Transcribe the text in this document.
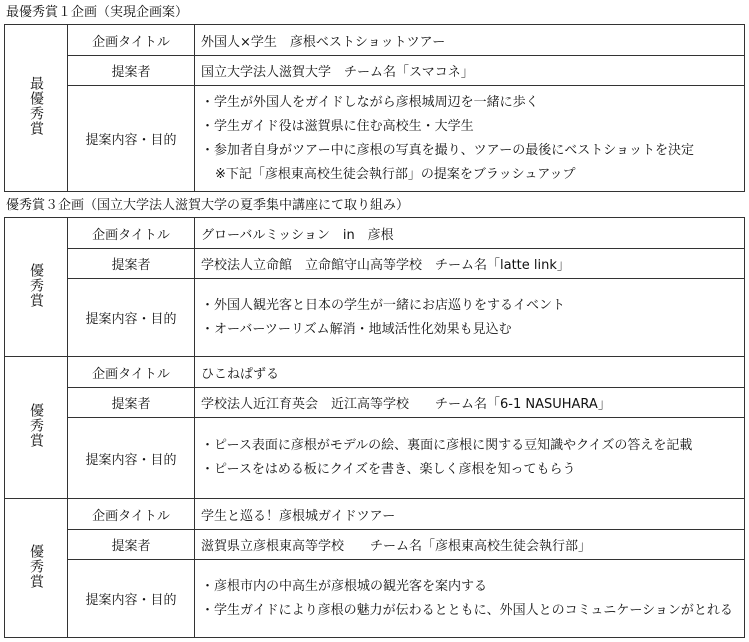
最優秀賞１企画（実現企画案）
最優秀賞	企画タイトル	外国人×学生　彦根ベストショットツアー
	提案者	国立大学法人滋賀大学　チーム名「スマコネ」
	提案内容・目的	・学生が外国人をガイドしながら彦根城周辺を一緒に歩く
・学生ガイド役は滋賀県に住む高校生・大学生
・参加者自身がツアー中に彦根の写真を撮り、ツアーの最後にベストショットを決定
※下記「彦根東高校生徒会執行部」の提案をブラッシュアップ
優秀賞３企画（国立大学法人滋賀大学の夏季集中講座にて取り組み）
優秀賞	企画タイトル	グローバルミッション　in　彦根
	提案者	学校法人立命館　立命館守山高等学校　チーム名「latte link」
	提案内容・目的	・外国人観光客と日本の学生が一緒にお店巡りをするイベント
・オーバーツーリズム解消・地域活性化効果も見込む

優秀賞	企画タイトル	ひこねぱずる
	提案者	学校法人近江育英会　近江高等学校　　チーム名「6-1 NASUHARA」
	提案内容・目的	・ピース表面に彦根がモデルの絵、裏面に彦根に関する豆知識やクイズの答えを記載
・ピースをはめる板にクイズを書き、楽しく彦根を知ってもらう

優秀賞	企画タイトル	学生と巡る！彦根城ガイドツアー
	提案者	滋賀県立彦根東高等学校　　チーム名「彦根東高校生徒会執行部」
	提案内容・目的	・彦根市内の中高生が彦根城の観光客を案内する
・学生ガイドにより彦根の魅力が伝わるとともに、外国人とのコミュニケーションがとれる
